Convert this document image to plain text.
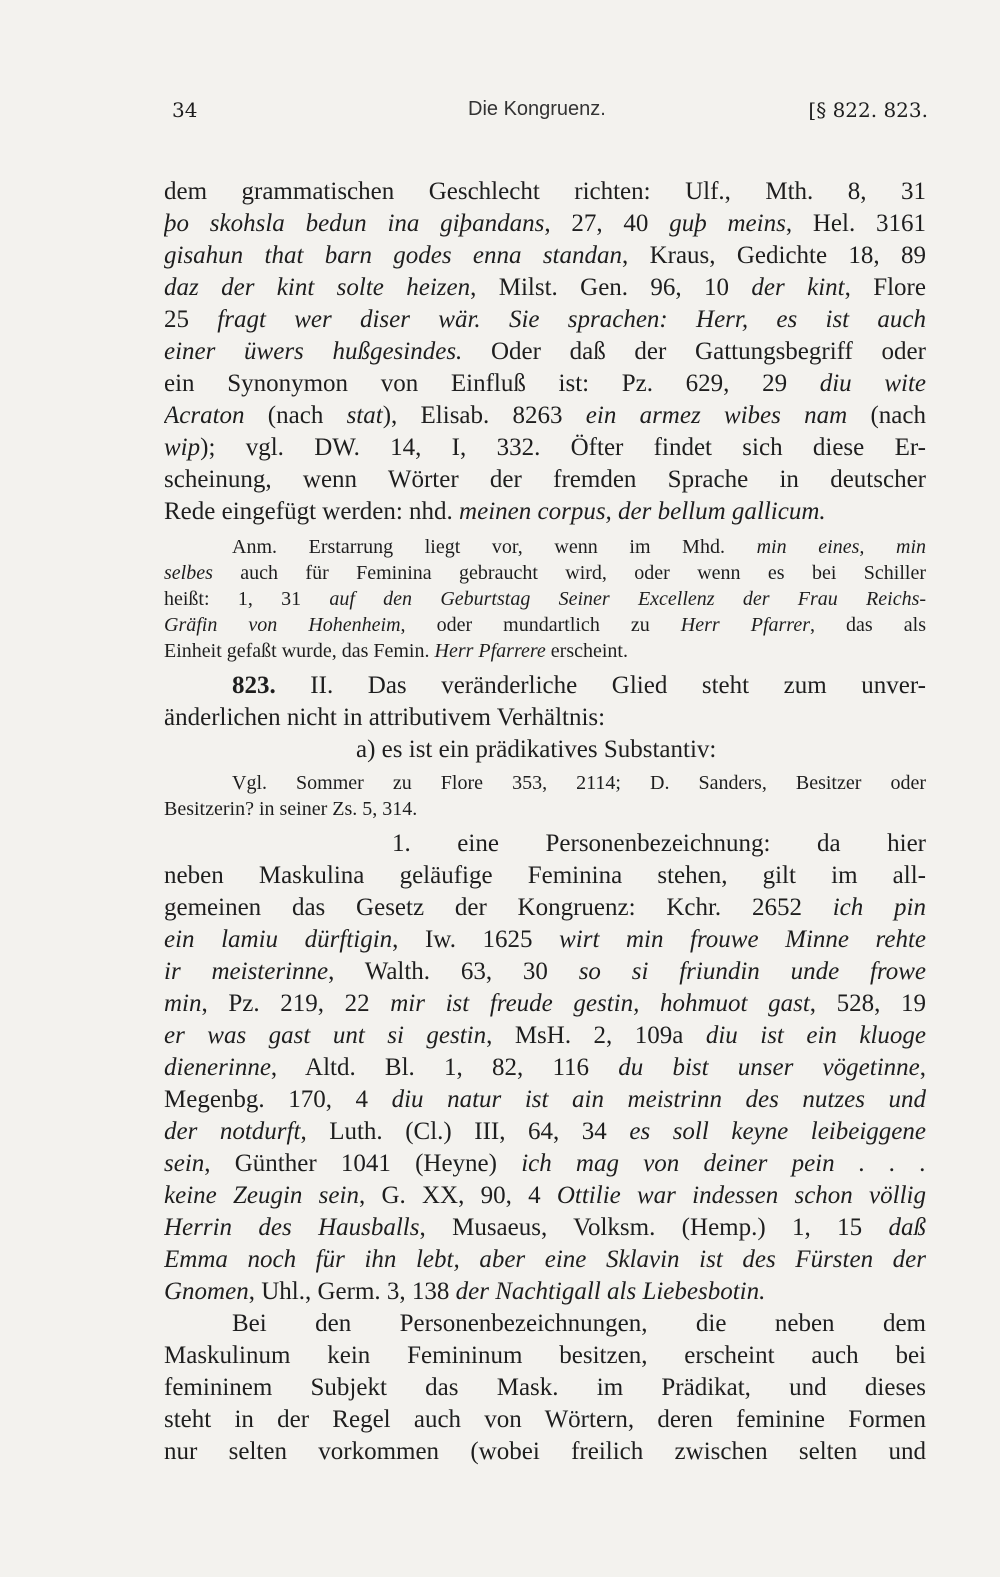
34	Die Kongruenz.	[§ 822. 823.
dem grammatischen Geschlecht richten: Ulf., Mth. 8, 31
þo skohsla bedun ina giþandans, 27, 40 guþ meins, Hel. 3161
gisahun that barn godes enna standan, Kraus, Gedichte 18, 89
daz der kint solte heizen, Milst. Gen. 96, 10 der kint, Flore
25 fragt wer diser wär. Sie sprachen: Herr, es ist auch
einer üwers hußgesindes. Oder daß der Gattungsbegriff oder
ein Synonymon von Einfluß ist: Pz. 629, 29 diu wite
Acraton (nach stat), Elisab. 8263 ein armez wibes nam (nach
wip); vgl. DW. 14, I, 332. Öfter findet sich diese Er-
scheinung, wenn Wörter der fremden Sprache in deutscher
Rede eingefügt werden: nhd. meinen corpus, der bellum gallicum.
Anm. Erstarrung liegt vor, wenn im Mhd. min eines, min
selbes auch für Feminina gebraucht wird, oder wenn es bei Schiller
heißt: 1, 31 auf den Geburtstag Seiner Excellenz der Frau Reichs-
Gräfin von Hohenheim, oder mundartlich zu Herr Pfarrer, das als
Einheit gefaßt wurde, das Femin. Herr Pfarrere erscheint.
823. II. Das veränderliche Glied steht zum unver-
änderlichen nicht in attributivem Verhältnis:
a) es ist ein prädikatives Substantiv:
Vgl. Sommer zu Flore 353, 2114; D. Sanders, Besitzer oder
Besitzerin? in seiner Zs. 5, 314.
1. eine Personenbezeichnung: da hier
neben Maskulina geläufige Feminina stehen, gilt im all-
gemeinen das Gesetz der Kongruenz: Kchr. 2652 ich pin
ein lamiu dürftigin, Iw. 1625 wirt min frouwe Minne rehte
ir meisterinne, Walth. 63, 30 so si friundin unde frowe
min, Pz. 219, 22 mir ist freude gestin, hohmuot gast, 528, 19
er was gast unt si gestin, MsH. 2, 109a diu ist ein kluoge
dienerinne, Altd. Bl. 1, 82, 116 du bist unser vögetinne,
Megenbg. 170, 4 diu natur ist ain meistrinn des nutzes und
der notdurft, Luth. (Cl.) III, 64, 34 es soll keyne leibeiggene
sein, Günther 1041 (Heyne) ich mag von deiner pein . . .
keine Zeugin sein, G. XX, 90, 4 Ottilie war indessen schon völlig
Herrin des Hausballs, Musaeus, Volksm. (Hemp.) 1, 15 daß
Emma noch für ihn lebt, aber eine Sklavin ist des Fürsten der
Gnomen, Uhl., Germ. 3, 138 der Nachtigall als Liebesbotin.
Bei den Personenbezeichnungen, die neben dem
Maskulinum kein Femininum besitzen, erscheint auch bei
femininem Subjekt das Mask. im Prädikat, und dieses
steht in der Regel auch von Wörtern, deren feminine Formen
nur selten vorkommen (wobei freilich zwischen selten und
